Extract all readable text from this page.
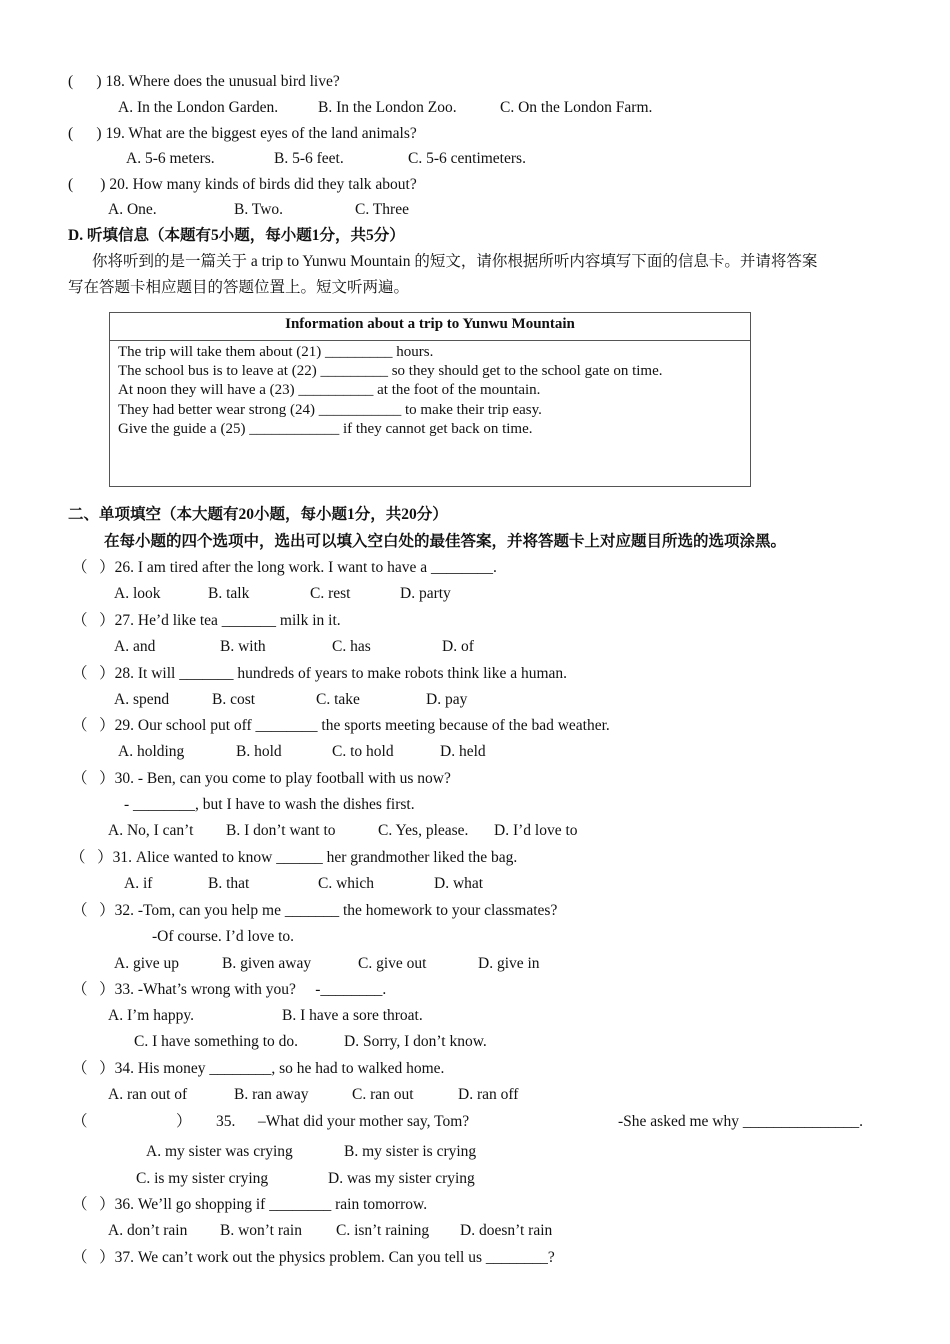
(      ) 18. Where does the unusual bird live?
A. In the London Garden.	B. In the London Zoo.	C. On the London Farm.
(      ) 19. What are the biggest eyes of the land animals?
A. 5-6 meters.	B. 5-6 feet.	C. 5-6 centimeters.
(       ) 20. How many kinds of birds did they talk about?
A. One.	B. Two.	C. Three
D. 听填信息（本题有5小题，每小题1分，共5分）
你将听到的是一篇关于 a trip to Yunwu Mountain 的短文，请你根据所听内容填写下面的信息卡。并请将答案
写在答题卡相应题目的答题位置上。短文听两遍。
Information about a trip to Yunwu Mountain
The trip will take them about (21) _________ hours.
The school bus is to leave at (22) _________ so they should get to the school gate on time.
At noon they will have a (23) __________ at the foot of the mountain.
They had better wear strong (24) ___________ to make their trip easy.
Give the guide a (25) ____________ if they cannot get back on time.
二、单项填空（本大题有20小题，每小题1分，共20分）
在每小题的四个选项中，选出可以填入空白处的最佳答案，并将答题卡上对应题目所选的选项涂黑。
（   ）26. I am tired after the long work. I want to have a ________.
A. look	B. talk	C. rest	D. party
（   ）27. He’d like tea _______ milk in it.
A. and	B. with	C. has	D. of
（   ）28. It will _______ hundreds of years to make robots think like a human.
A. spend	B. cost	C. take	D. pay
（   ）29. Our school put off ________ the sports meeting because of the bad weather.
A. holding	B. hold	C. to hold	D. held
（   ）30. - Ben, can you come to play football with us now?
- ________, but I have to wash the dishes first.
A. No, I can’t B. I don’t want to	C. Yes, please. D. I’d love to
（   ）31. Alice wanted to know ______ her grandmother liked the bag.
A. if	B. that	C. which	D. what
（   ）32. -Tom, can you help me _______ the homework to your classmates?
-Of course. I’d love to.
A. give up	B. given away	C. give out	D. give in
（   ）33. -What’s wrong with you?     -________.
A. I’m happy.	B. I have a sore throat.
C. I have something to do.	D. Sorry, I don’t know.
（   ）34. His money ________, so he had to walked home.
A. ran out of	B. ran away	C. ran out	D. ran off
（	） 35. –What did your mother say, Tom?	-She asked me why _______________.
A. my sister was crying	B. my sister is crying
C. is my sister crying	D. was my sister crying
（   ）36. We’ll go shopping if ________ rain tomorrow.
A. don’t rain B. won’t rain C. isn’t raining D. doesn’t rain
（   ）37. We can’t work out the physics problem. Can you tell us ________?
